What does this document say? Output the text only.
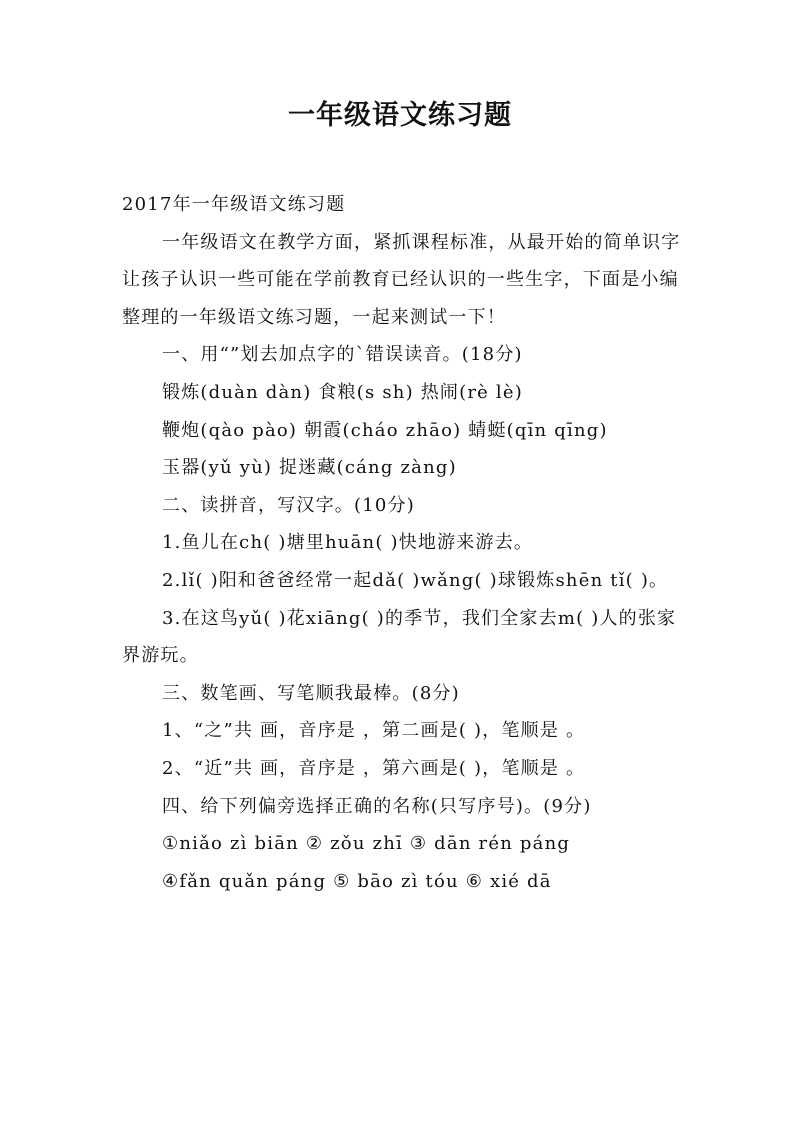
一年级语文练习题

2017年一年级语文练习题

一年级语文在教学方面，紧抓课程标准，从最开始的简单识字让孩子认识一些可能在学前教育已经认识的一些生字，下面是小编整理的一年级语文练习题，一起来测试一下！

一、用“”划去加点字的`错误读音。(18分)

锻炼(duàn dàn) 食粮(s sh) 热闹(rè lè)

鞭炮(qào pào) 朝霞(cháo zhāo) 蜻蜓(qīn qīng)

玉器(yǔ yù) 捉迷藏(cáng zàng)

二、读拼音，写汉字。(10分)

1.鱼儿在ch( )塘里huān( )快地游来游去。

2.lǐ( )阳和爸爸经常一起dǎ( )wǎng( )球锻炼shēn tǐ( )。

3.在这鸟yǔ( )花xiāng( )的季节，我们全家去m( )人的张家界游玩。

三、数笔画、写笔顺我最棒。(8分)

1、“之”共 画，音序是 ，第二画是( )，笔顺是 。

2、“近”共 画，音序是 ，第六画是( )，笔顺是 。

四、给下列偏旁选择正确的名称(只写序号)。(9分)

①niǎo zì biān ② zǒu zhī ③ dān rén páng

④fǎn quǎn páng ⑤ bāo zì tóu ⑥ xié dā
